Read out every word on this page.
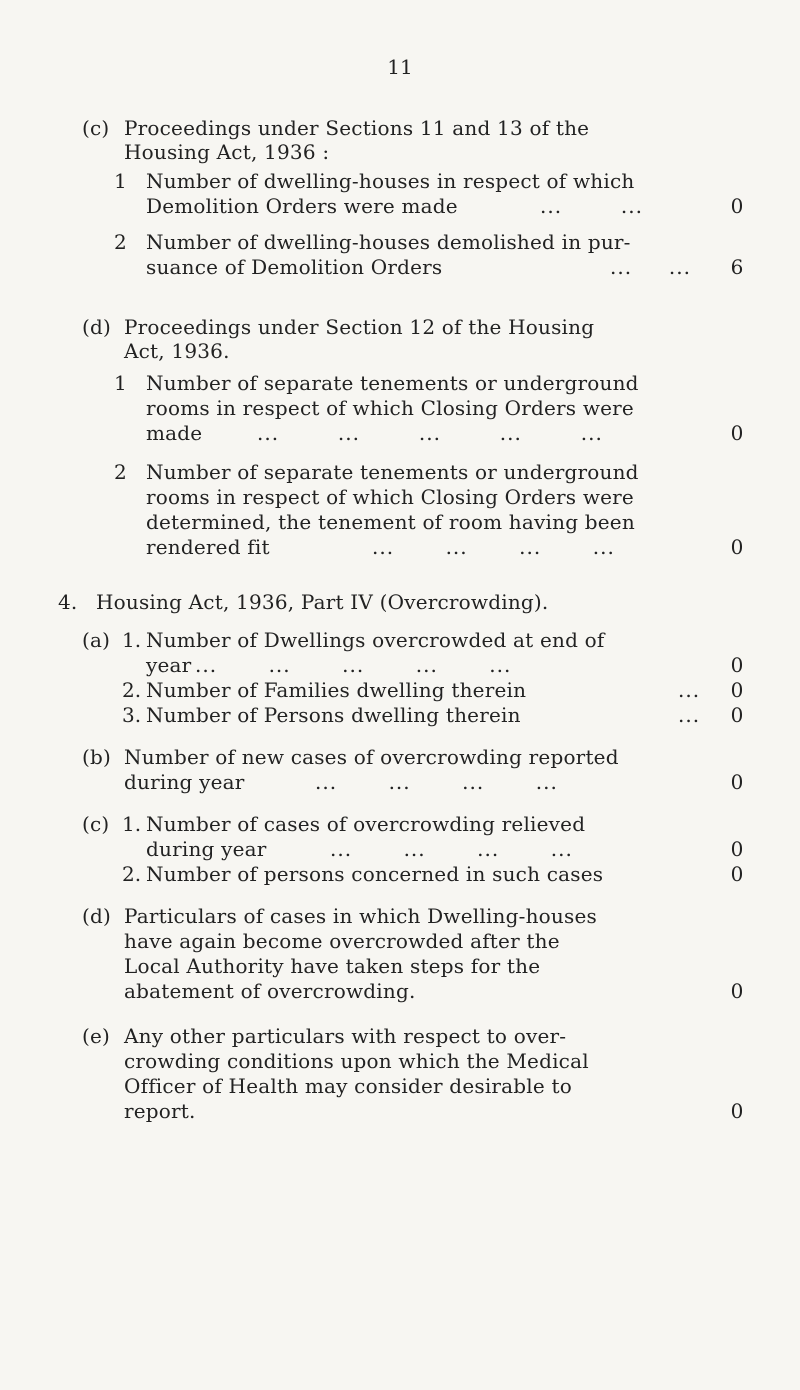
11
(c) Proceedings under Sections 11 and 13 of the
Housing Act, 1936 :
1 Number of dwelling-houses in respect of which
Demolition Orders were made	...        ...	0
2 Number of dwelling-houses demolished in pur-
suance of Demolition Orders	...     ... 6
(d) Proceedings under Section 12 of the Housing
Act, 1936.
1 Number of separate tenements or underground
rooms in respect of which Closing Orders were
made	...        ...        ...        ...        ...	0
2 Number of separate tenements or underground
rooms in respect of which Closing Orders were
determined, the tenement of room having been
rendered fit	...       ...       ...       ...	0
4. Housing Act, 1936, Part IV (Overcrowding).
(a) 1. Number of Dwellings overcrowded at end of
year ...       ...       ...       ...       ...	0
2. Number of Families dwelling therein	... 0
3. Number of Persons dwelling therein	... 0
(b) Number of new cases of overcrowding reported
during year	...       ...       ...       ...	0
(c) 1. Number of cases of overcrowding relieved
during year	...       ...       ...       ...	0
2. Number of persons concerned in such cases	0
(d) Particulars of cases in which Dwelling-houses
have again become overcrowded after the
Local Authority have taken steps for the
abatement of overcrowding.	0
(e) Any other particulars with respect to over-
crowding conditions upon which the Medical
Officer of Health may consider desirable to
report.	0
